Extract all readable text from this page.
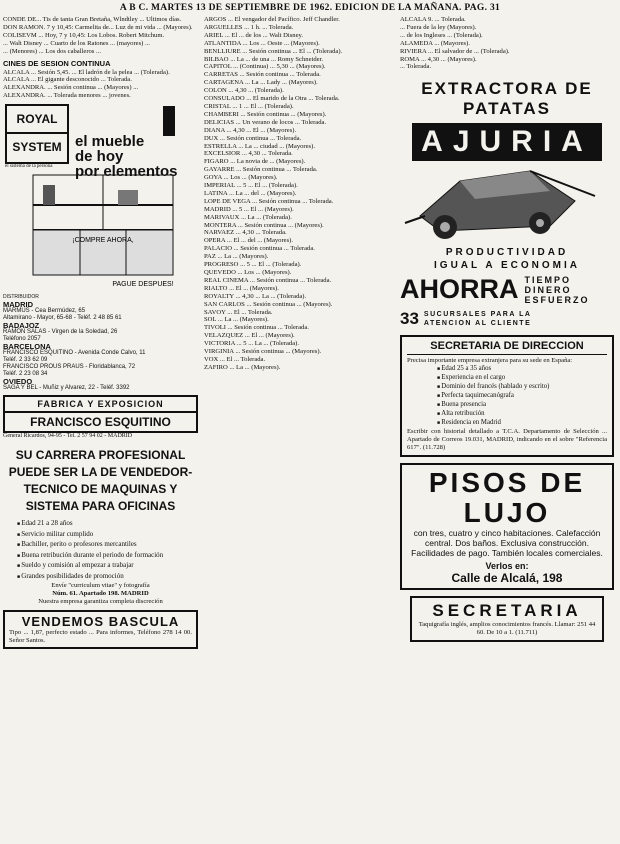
A B C. MARTES 13 DE SEPTIEMBRE DE 1962. EDICION DE LA MAÑANA. PAG. 31
CONDE DE... Tis de tanta Gran Bretaña, Wlndtley ... Ultimos días.
DON RAMON. 7 y 10,45: Carmelita de... Luz de mi vida ... (Mayores).
COLISEVM ... Hoy, 7 y 10,45: Los Lobos. Robert Mitchum.
... Walt Disney ... Cuarto de los Ratones ... (mayores) ...
... (Menores) ... Los dos caballeros ...
CINES DE SESION CONTINUA
ALCALA ... Sesión 5,45. ... El ladrón de la pelea ... (Tolerada).
ALCALA ... El gigante desconocido ... Tolerada.
ALEXANDRA. ... Sesión continua ... (Mayores) ...
ALEXANDRA. ... Tolerada menores ... jovenes.
ROYAL
SYSTEM el mueble
de hoy
por elementos
el sistema de la persona
¡COMPRE AHORA,
PAGUE DESPUES!
DISTRIBUIDOR
MADRID
MARMUS - Cea Bermúdez, 65
Altamirano - Mayor, 65-68 - Teléf. 2 48 85 61
BADAJOZ
RAMON SALAS - Virgen de la Soledad, 26
Teléfono 2057
BARCELONA
FRANCISCO ESQUITINO - Avenida Conde Calvo, 11
Teléf. 2 33 62 09
FRANCISCO PROUS PRAUS - Floridablanca, 72
Teléf. 2 23 08 34
OVIEDO
SAGA Y BEL - Muñiz y Alvarez, 22 - Teléf. 3392
FABRICA Y EXPOSICION
FRANCISCO ESQUITINO
General Ricardos, 94-95 - Tel. 2 57 94 02 - MADRID
SU CARRERA PROFESIONAL PUEDE SER LA DE VENDEDOR-TECNICO DE MAQUINAS Y SISTEMA PARA OFICINAS
■ Edad 21 a 28 años
■ Servicio militar cumplido
■ Bachiller, perito o profesores mercantiles
■ Buena retribución durante el periodo de formación
■ Sueldo y comisión al empezar a trabajar
■ Grandes posibilidades de promoción
Envíe "curriculum vitae" y fotografía
Núm. 61. Apartado 198. MADRID
Nuestra empresa garantiza completa discreción
VENDEMOS BASCULA
Tipo ... 1,87, perfecto estado ... Para informes, Teléfono 278 14 00. Señor Santos.
ARGOS ... El vengador del Pacífico. Jeff Chandler.
ARGUELLES ... 1 h. ... Tolerada.
ARIEL ... El ... de los ... Walt Disney.
ATLANTIDA ... Los ... Oeste ... (Mayores).
BENLLIURE ... Sesión continua ... El ... (Tolerada).
BILBAO ... La ... de una ... Romy Schneider.
CAPITOL ... (Continua) ... 5,30 ... (Mayores).
CARRETAS ... Sesión continua ... Tolerada.
CARTAGENA ... La ... Lady ... (Mayores).
COLON ... 4,30 ... (Tolerada).
CONSULADO ... El marido de la Otra ... Tolerada.
CRISTAL ... 1 ... El ... (Tolerada).
CHAMBERI ... Sesión continua ... (Mayores).
DELICIAS ... Un verano de locos ... Tolerada.
DIANA ... 4,30 ... El ... (Mayores).
DUX ... Sesión continua ... Tolerada.
ESTRELLA ... La ... ciudad ... (Mayores).
EXCELSIOR ... 4,30 ... Tolerada.
FIGARO ... La novia de ... (Mayores).
GAYARRE ... Sesión continua ... Tolerada.
GOYA ... Los ... (Mayores).
IMPERIAL ... 5 ... El ... (Tolerada).
LATINA ... La ... del ... (Mayores).
LOPE DE VEGA ... Sesión continua ... Tolerada.
MADRID ... 5 ... El ... (Mayores).
MARIVAUX ... La ... (Tolerada).
MONTERA ... Sesión continua ... (Mayores).
NARVAEZ ... 4,30 ... Tolerada.
OPERA ... El ... del ... (Mayores).
PALACIO ... Sesión continua ... Tolerada.
PAZ ... La ... (Mayores).
PROGRESO ... 5 ... El ... (Tolerada).
QUEVEDO ... Los ... (Mayores).
REAL CINEMA ... Sesión continua ... Tolerada.
RIALTO ... El ... (Mayores).
ROYALTY ... 4,30 ... La ... (Tolerada).
SAN CARLOS ... Sesión continua ... (Mayores).
SAVOY ... El ... Tolerada.
SOL ... La ... (Mayores).
TIVOLI ... Sesión continua ... Tolerada.
VELAZQUEZ ... El ... (Mayores).
VICTORIA ... 5 ... La ... (Tolerada).
VIRGINIA ... Sesión continua ... (Mayores).
VOX ... El ... Tolerada.
ZAFIRO ... La ... (Mayores).
ALCALA 9. ... Tolerada.
... Fuera de la ley (Mayores).
... de los Ingleses ... (Tolerada).
ALAMEDA ... (Mayores).
RIVIERA ... El salvador de ... (Tolerada).
ROMA ... 4,30 ... (Mayores).
... Tolerada.
EXTRACTORA DE
PATATAS
AJURIA
PRODUCTIVIDAD
IGUAL A ECONOMIA
AHORRA TIEMPO
DINERO
ESFUERZO
33 SUCURSALES PARA LA
ATENCION AL CLIENTE
SECRETARIA DE DIRECCION
Precisa importante empresa extranjera para su sede en España:
■ Edad 25 a 35 años
■ Experiencia en el cargo
■ Dominio del francés (hablado y escrito)
■ Perfecta taquimecanógrafa
■ Buena presencia
■ Alta retribución
■ Residencia en Madrid
Escribir con historial detallado a T.C.A. Departamento de Selección ... Apartado de Correos 19.031, MADRID, indicando en el sobre "Referencia 617". (11.728)
PISOS DE LUJO
con tres, cuatro y cinco habitaciones. Calefacción central. Dos baños. Exclusiva construcción. Facilidades de pago. También locales comerciales.
Verlos en:
Calle de Alcalá, 198
SECRETARIA
Taquigrafía inglés, amplios conocimientos francés. Llamar: 251 44 60. De 10 a 1. (11.711)
